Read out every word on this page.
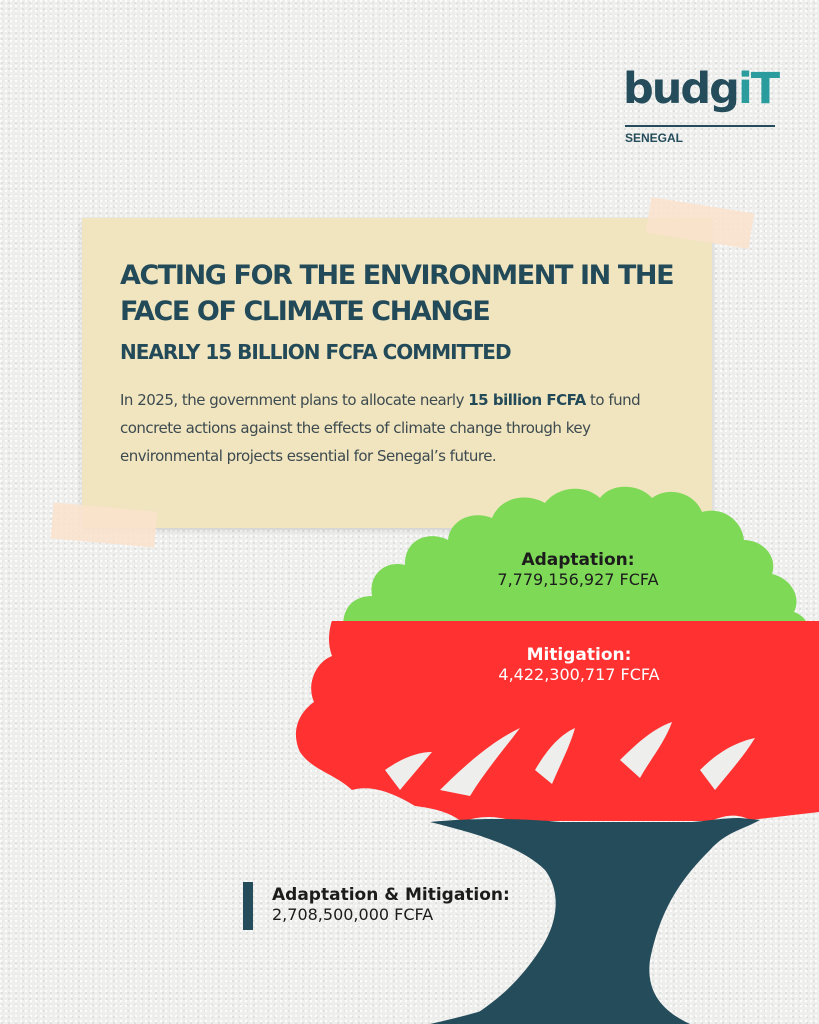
budgiT
SENEGAL
ACTING FOR THE ENVIRONMENT IN THE FACE OF CLIMATE CHANGE
NEARLY 15 BILLION FCFA COMMITTED

In 2025, the government plans to allocate nearly 15 billion FCFA to fund concrete actions against the effects of climate change through key environmental projects essential for Senegal’s future.

Adaptation:
7,779,156,927 FCFA
Mitigation:
4,422,300,717 FCFA
Adaptation & Mitigation:
2,708,500,000 FCFA
